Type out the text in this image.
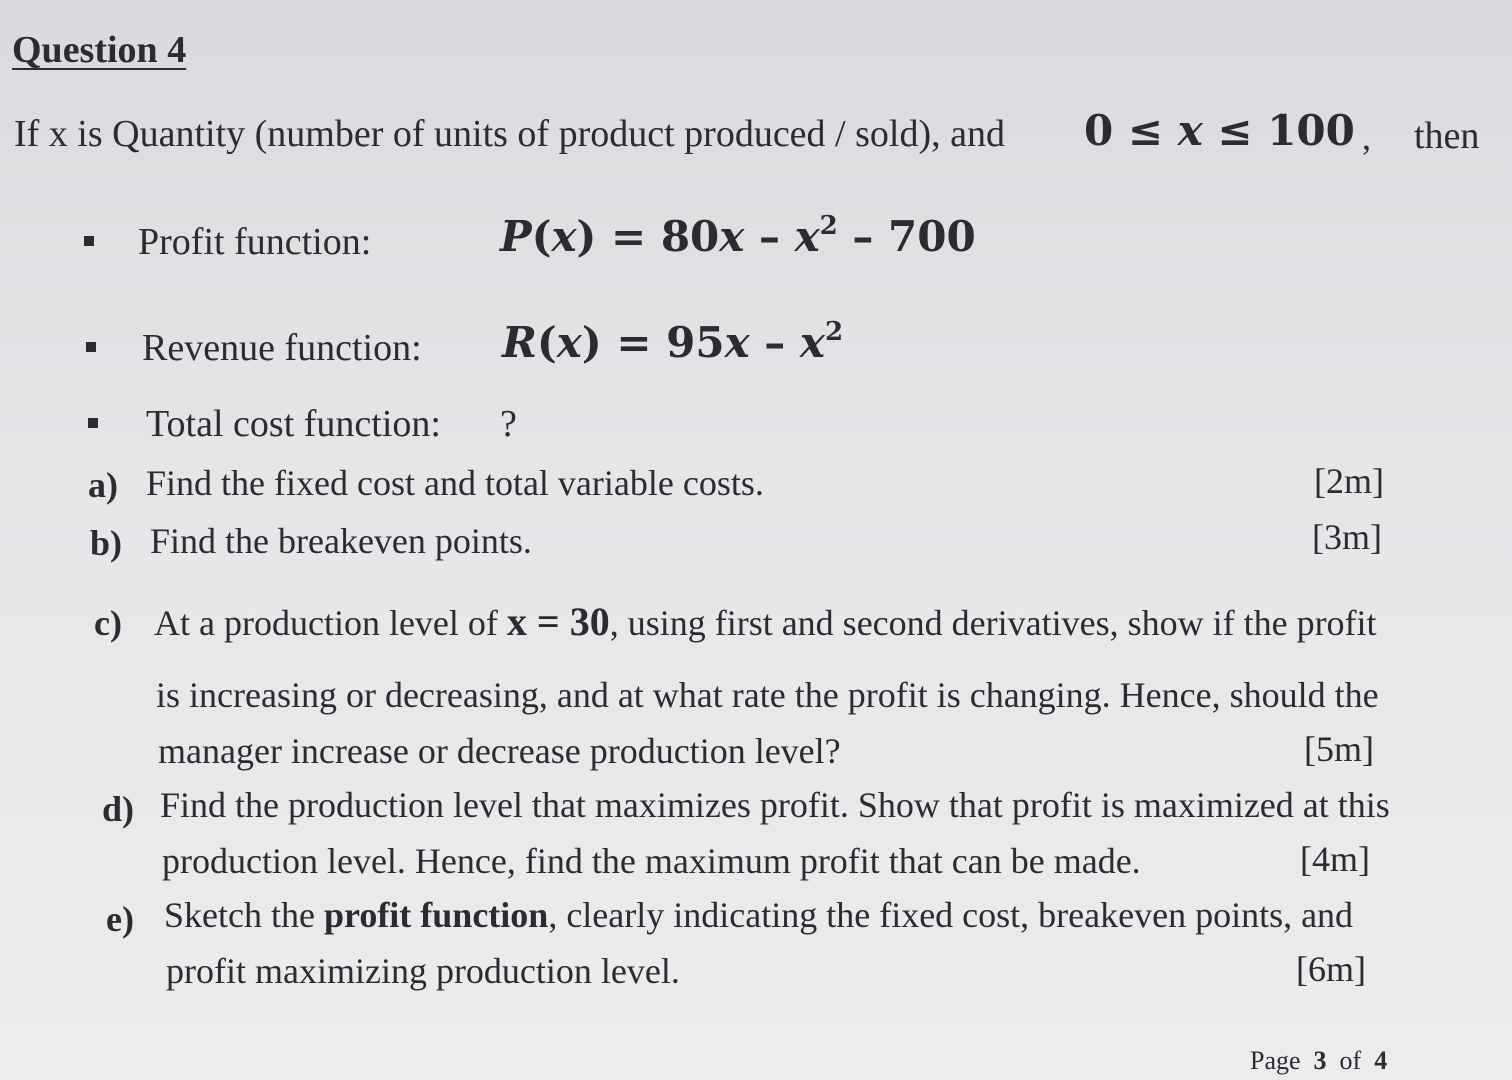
Question 4
If x is Quantity (number of units of product produced / sold), and 0 ≤ x ≤ 100 , then
Profit function:	$P(x) = 80x - x^2 - 700$
Revenue function: $R(x) = 95x - x^2$
Total cost function: ?
a) Find the fixed cost and total variable costs.	[2m]
b) Find the breakeven points.	[3m]
c) At a production level of x = 30, using first and second derivatives, show if the profit
is increasing or decreasing, and at what rate the profit is changing. Hence, should the
manager increase or decrease production level?	[5m]
d) Find the production level that maximizes profit. Show that profit is maximized at this
production level. Hence, find the maximum profit that can be made.	[4m]
e) Sketch the profit function, clearly indicating the fixed cost, breakeven points, and
profit maximizing production level.	[6m]
Page 3 of 4
